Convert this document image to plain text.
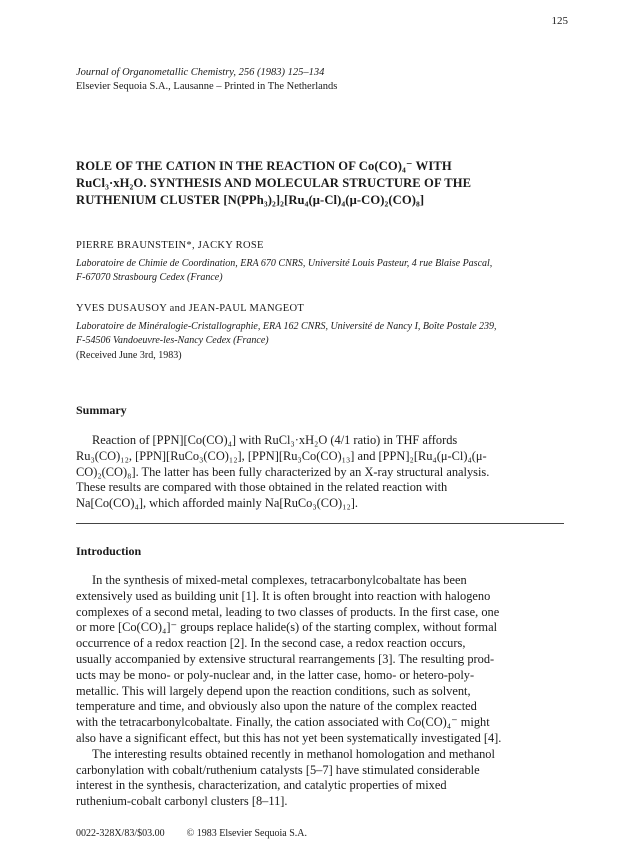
125
Journal of Organometallic Chemistry, 256 (1983) 125–134
Elsevier Sequoia S.A., Lausanne – Printed in The Netherlands
ROLE OF THE CATION IN THE REACTION OF Co(CO)₄⁻ WITH
RuCl₃·xH₂O. SYNTHESIS AND MOLECULAR STRUCTURE OF THE
RUTHENIUM CLUSTER [N(PPh₃)₂]₂[Ru₄(μ-Cl)₄(μ-CO)₂(CO)₈]
PIERRE BRAUNSTEIN*, JACKY ROSE
Laboratoire de Chimie de Coordination, ERA 670 CNRS, Université Louis Pasteur, 4 rue Blaise Pascal,
F-67070 Strasbourg Cedex (France)
YVES DUSAUSOY and JEAN-PAUL MANGEOT
Laboratoire de Minéralogie-Cristallographie, ERA 162 CNRS, Université de Nancy I, Boîte Postale 239,
F-54506 Vandoeuvre-les-Nancy Cedex (France)
(Received June 3rd, 1983)
Summary
Reaction of [PPN][Co(CO)₄] with RuCl₃·xH₂O (4/1 ratio) in THF affords
Ru₃(CO)₁₂, [PPN][RuCo₃(CO)₁₂], [PPN][Ru₃Co(CO)₁₃] and [PPN]₂[Ru₄(μ-Cl)₄(μ-
CO)₂(CO)₈]. The latter has been fully characterized by an X-ray structural analysis.
These results are compared with those obtained in the related reaction with
Na[Co(CO)₄], which afforded mainly Na[RuCo₃(CO)₁₂].
Introduction
In the synthesis of mixed-metal complexes, tetracarbonylcobaltate has been
extensively used as building unit [1]. It is often brought into reaction with halogeno
complexes of a second metal, leading to two classes of products. In the first case, one
or more [Co(CO)₄]⁻ groups replace halide(s) of the starting complex, without formal
occurrence of a redox reaction [2]. In the second case, a redox reaction occurs,
usually accompanied by extensive structural rearrangements [3]. The resulting prod-
ucts may be mono- or poly-nuclear and, in the latter case, homo- or hetero-poly-
metallic. This will largely depend upon the reaction conditions, such as solvent,
temperature and time, and obviously also upon the nature of the complex reacted
with the tetracarbonylcobaltate. Finally, the cation associated with Co(CO)₄⁻ might
also have a significant effect, but this has not yet been systematically investigated [4].
The interesting results obtained recently in methanol homologation and methanol
carbonylation with cobalt/ruthenium catalysts [5–7] have stimulated considerable
interest in the synthesis, characterization, and catalytic properties of mixed
ruthenium-cobalt carbonyl clusters [8–11].
0022-328X/83/$03.00 © 1983 Elsevier Sequoia S.A.
